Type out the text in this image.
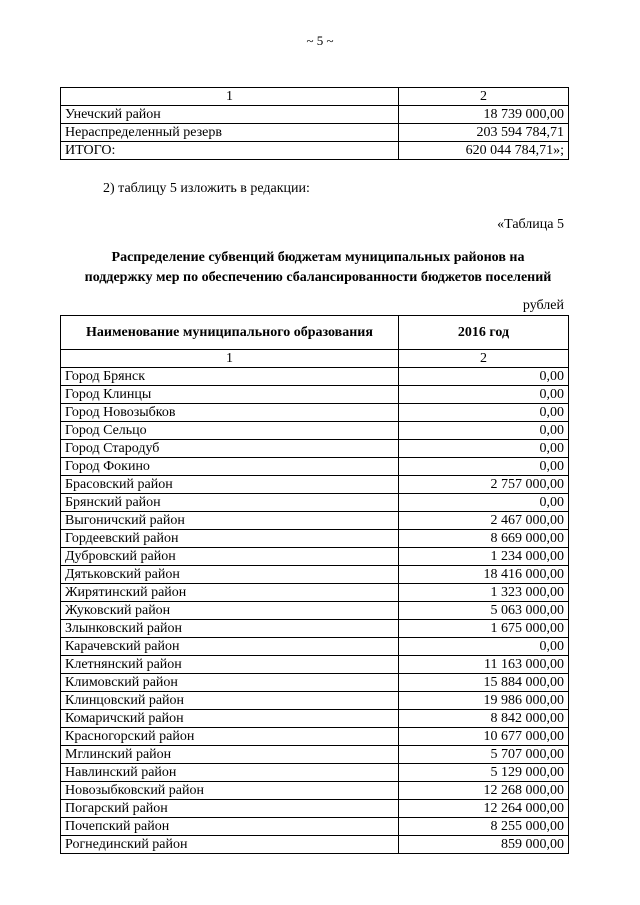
~ 5 ~
1	2
Унечский район	18 739 000,00
Нераспределенный резерв	203 594 784,71
ИТОГО:	620 044 784,71»;
2) таблицу 5 изложить в редакции:
«Таблица 5
Распределение субвенций бюджетам муниципальных районов на
поддержку мер по обеспечению сбалансированности бюджетов поселений
рублей
Наименование муниципального образования	2016 год
1	2
Город Брянск	0,00
Город Клинцы	0,00
Город Новозыбков	0,00
Город Сельцо	0,00
Город Стародуб	0,00
Город Фокино	0,00
Брасовский район	2 757 000,00
Брянский район	0,00
Выгоничский район	2 467 000,00
Гордеевский район	8 669 000,00
Дубровский район	1 234 000,00
Дятьковский район	18 416 000,00
Жирятинский район	1 323 000,00
Жуковский район	5 063 000,00
Злынковский район	1 675 000,00
Карачевский район	0,00
Клетнянский район	11 163 000,00
Климовский район	15 884 000,00
Клинцовский район	19 986 000,00
Комаричский район	8 842 000,00
Красногорский район	10 677 000,00
Мглинский район	5 707 000,00
Навлинский район	5 129 000,00
Новозыбковский район	12 268 000,00
Погарский район	12 264 000,00
Почепский район	8 255 000,00
Рогнединский район	859 000,00
